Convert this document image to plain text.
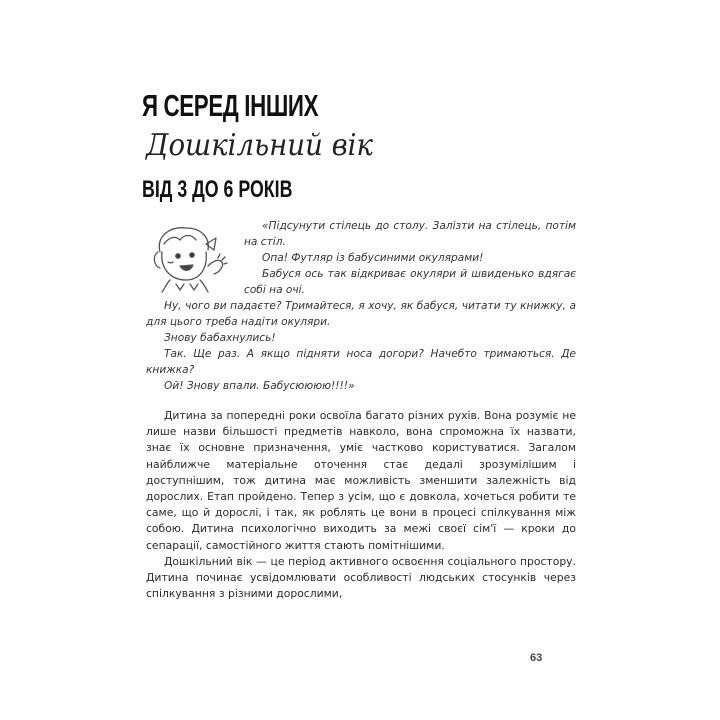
Я СЕРЕД ІНШИХ
Дошкільний вік
ВІД 3 ДО 6 РОКІВ

«Підсунути стілець до столу. Залізти на стілець, потім на стіл.

Опа! Футляр із бабусиними окулярами!

Бабуся ось так відкриває окуляри й швиденько вдягає собі на очі.

Ну, чого ви падаєте? Тримайтеся, я хочу, як бабуся, читати ту книжку, а для цього треба надіти окуляри.

Знову бабахнулись!

Так. Ще раз. А якщо підняти носа догори? Начебто тримаються. Де книжка?

Ой! Знову впали. Бабусюююю!!!!»

Дитина за попередні роки освоїла багато різних рухів. Вона розуміє не лише назви більшості предметів навколо, вона спроможна їх назвати, знає їх основне призначення, уміє частково користуватися. Загалом найближче матеріальне оточення стає дедалі зрозумілішим і доступнішим, тож дитина має можливість зменшити залежність від дорослих. Етап пройдено. Тепер з усім, що є довкола, хочеться робити те саме, що й дорослі, і так, як роблять це вони в процесі спілкування між собою. Дитина психологічно виходить за межі своєї сім'ї — кроки до сепарації, самостійного життя стають помітнішими.

Дошкільний вік — це період активного освоєння соціального простору. Дитина починає усвідомлювати особливості людських стосунків через спілкування з різними дорослими,

63
